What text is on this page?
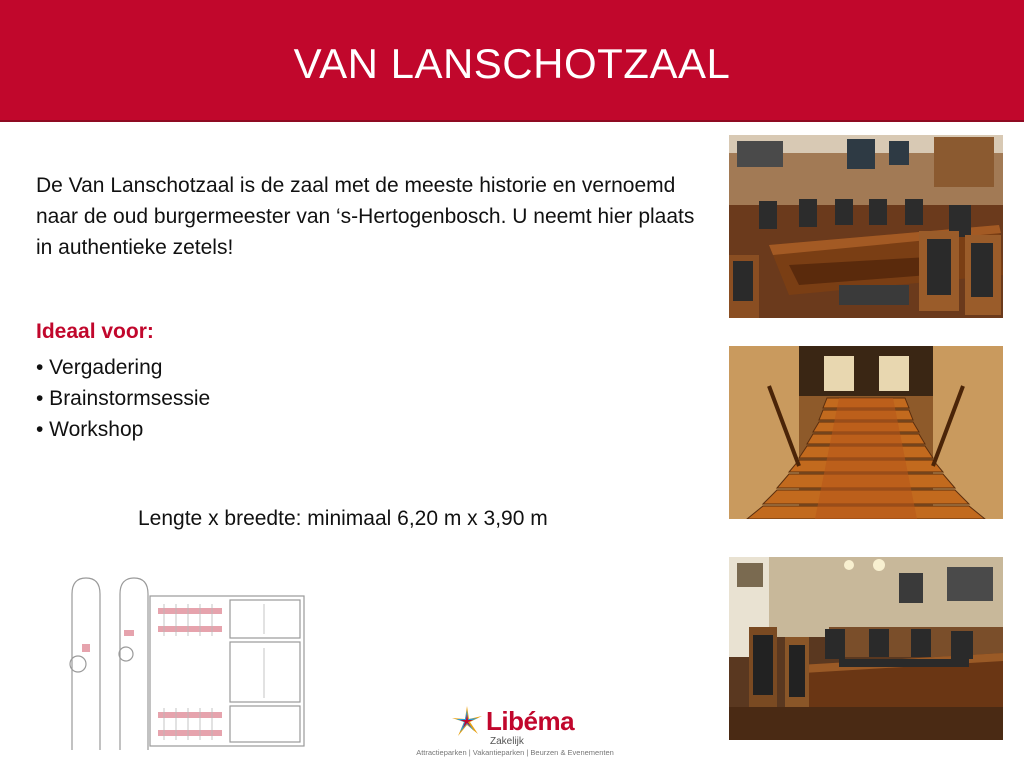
VAN LANSCHOTZAAL

De Van Lanschotzaal is de zaal met de meeste historie en vernoemd naar de oud burgermeester van ‘s-Hertogenbosch. U neemt hier plaats in authentieke zetels!

Ideaal voor:
• Vergadering
• Brainstormsessie
• Workshop
Lengte x breedte: minimaal 6,20 m x 3,90 m
Libéma
Zakelijk
Attractieparken | Vakantieparken | Beurzen & Evenementen
